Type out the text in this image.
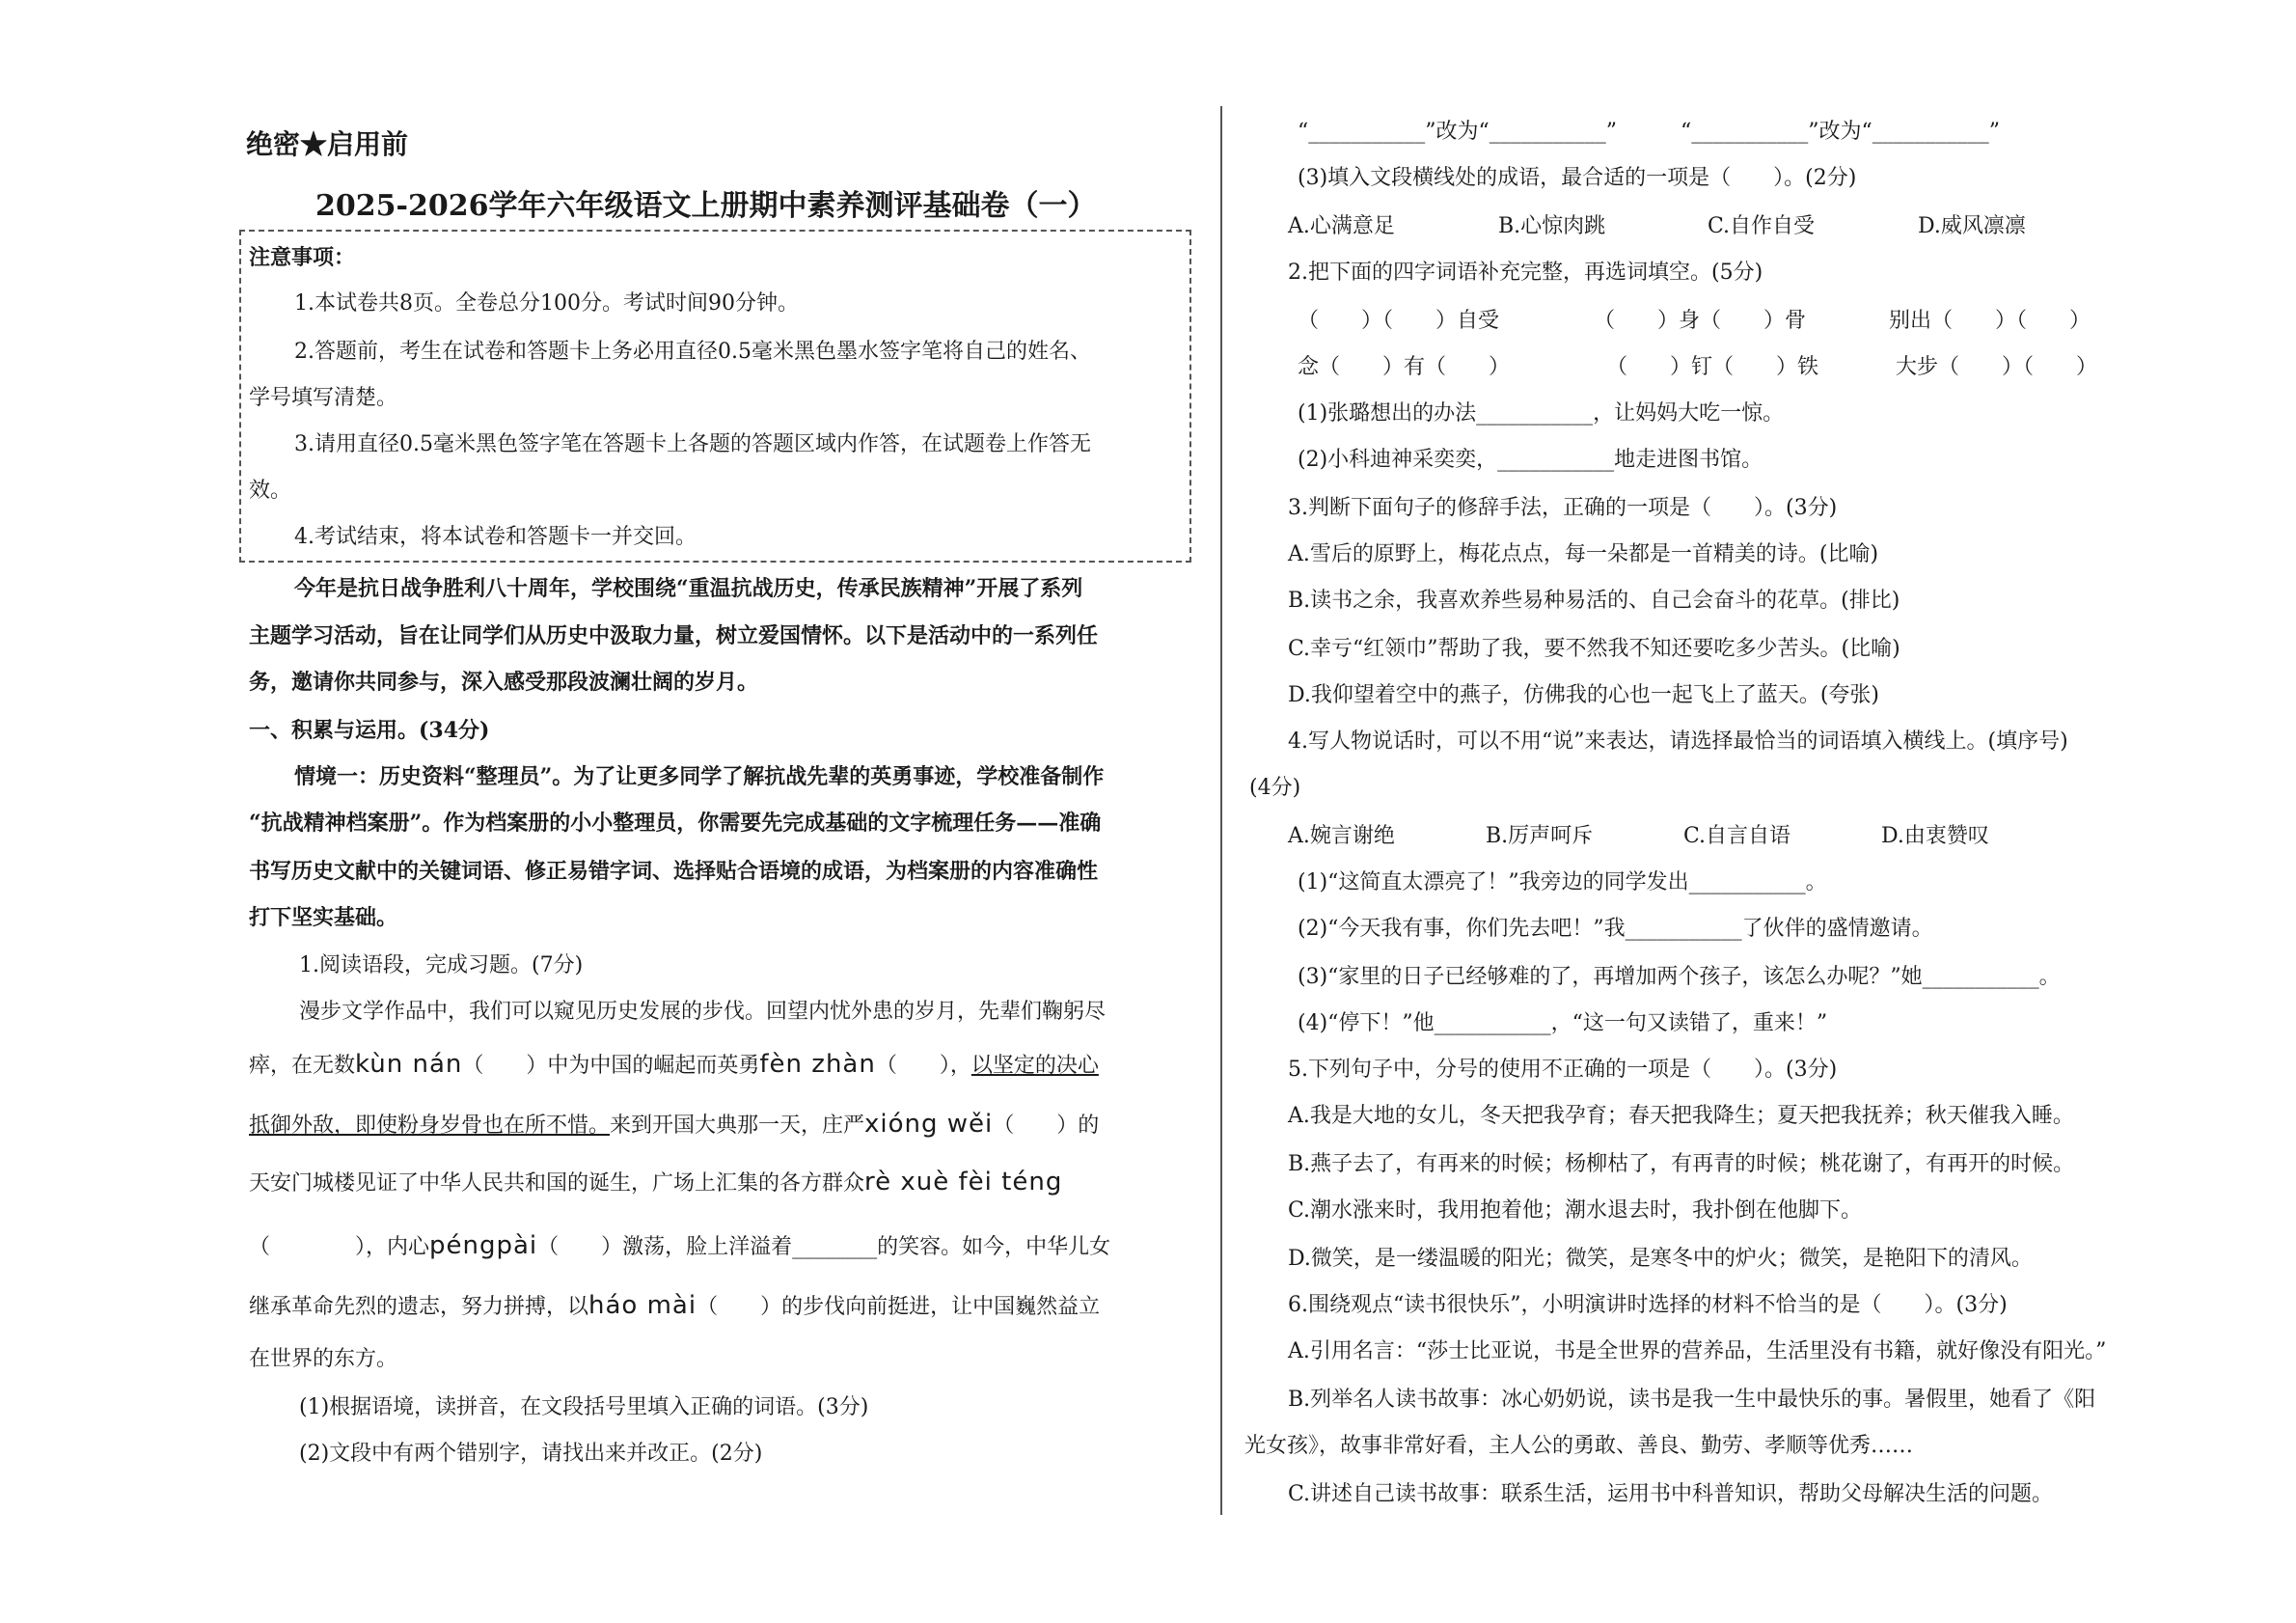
绝密★启用前
2025-2026学年六年级语文上册期中素养测评基础卷（一）
注意事项：
1.本试卷共8页。全卷总分100分。考试时间90分钟。
2.答题前，考生在试卷和答题卡上务必用直径0.5毫米黑色墨水签字笔将自己的姓名、
学号填写清楚。
3.请用直径0.5毫米黑色签字笔在答题卡上各题的答题区域内作答，在试题卷上作答无
效。
4.考试结束，将本试卷和答题卡一并交回。
今年是抗日战争胜利八十周年，学校围绕“重温抗战历史，传承民族精神”开展了系列
主题学习活动，旨在让同学们从历史中汲取力量，树立爱国情怀。以下是活动中的一系列任
务，邀请你共同参与，深入感受那段波澜壮阔的岁月。
一、积累与运用。(34分)
情境一：历史资料“整理员”。为了让更多同学了解抗战先辈的英勇事迹，学校准备制作
“抗战精神档案册”。作为档案册的小小整理员，你需要先完成基础的文字梳理任务——准确
书写历史文献中的关键词语、修正易错字词、选择贴合语境的成语，为档案册的内容准确性
打下坚实基础。
1.阅读语段，完成习题。(7分)
漫步文学作品中，我们可以窥见历史发展的步伐。回望内忧外患的岁月，先辈们鞠躬尽
瘁，在无数kùn nán（　　）中为中国的崛起而英勇fèn zhàn（　　），以坚定的决心
抵御外敌，即使粉身岁骨也在所不惜。来到开国大典那一天，庄严xióng wěi（　　）的
天安门城楼见证了中华人民共和国的诞生，广场上汇集的各方群众rè xuè fèi téng
（　　　　），内心péngpài（　　）激荡，脸上洋溢着________的笑容。如今，中华儿女
继承革命先烈的遗志，努力拼搏，以háo mài（　　）的步伐向前挺进，让中国巍然益立
在世界的东方。
(1)根据语境，读拼音，在文段括号里填入正确的词语。(3分)
(2)文段中有两个错别字，请找出来并改正。(2分)
“___________”改为“___________”　　　“___________”改为“___________”
(3)填入文段横线处的成语，最合适的一项是（　　）。(2分)
A.心满意足	B.心惊肉跳	C.自作自受	D.威风凛凛
2.把下面的四字词语补充完整，再选词填空。(5分)
（　　）（　　）自受	（　　）身（　　）骨	别出（　　）（　　）
念（　　）有（　　）	（　　）钉（　　）铁	大步（　　）（　　）
(1)张璐想出的办法___________，让妈妈大吃一惊。
(2)小科迪神采奕奕，___________地走进图书馆。
3.判断下面句子的修辞手法，正确的一项是（　　）。(3分)
A.雪后的原野上，梅花点点，每一朵都是一首精美的诗。(比喻)
B.读书之余，我喜欢养些易种易活的、自己会奋斗的花草。(排比)
C.幸亏“红领巾”帮助了我，要不然我不知还要吃多少苦头。(比喻)
D.我仰望着空中的燕子，仿佛我的心也一起飞上了蓝天。(夸张)
4.写人物说话时，可以不用“说”来表达，请选择最恰当的词语填入横线上。(填序号)
(4分)
A.婉言谢绝	B.厉声呵斥	C.自言自语	D.由衷赞叹
(1)“这简直太漂亮了！”我旁边的同学发出___________。
(2)“今天我有事，你们先去吧！”我___________了伙伴的盛情邀请。
(3)“家里的日子已经够难的了，再增加两个孩子，该怎么办呢？”她___________。
(4)“停下！”他___________，“这一句又读错了，重来！”
5.下列句子中，分号的使用不正确的一项是（　　）。(3分)
A.我是大地的女儿，冬天把我孕育；春天把我降生；夏天把我抚养；秋天催我入睡。
B.燕子去了，有再来的时候；杨柳枯了，有再青的时候；桃花谢了，有再开的时候。
C.潮水涨来时，我用抱着他；潮水退去时，我扑倒在他脚下。
D.微笑，是一缕温暖的阳光；微笑，是寒冬中的炉火；微笑，是艳阳下的清风。
6.围绕观点“读书很快乐”，小明演讲时选择的材料不恰当的是（　　）。(3分)
A.引用名言：“莎士比亚说，书是全世界的营养品，生活里没有书籍，就好像没有阳光。”
B.列举名人读书故事：冰心奶奶说，读书是我一生中最快乐的事。暑假里，她看了《阳
光女孩》，故事非常好看，主人公的勇敢、善良、勤劳、孝顺等优秀……
C.讲述自己读书故事：联系生活，运用书中科普知识，帮助父母解决生活的问题。
